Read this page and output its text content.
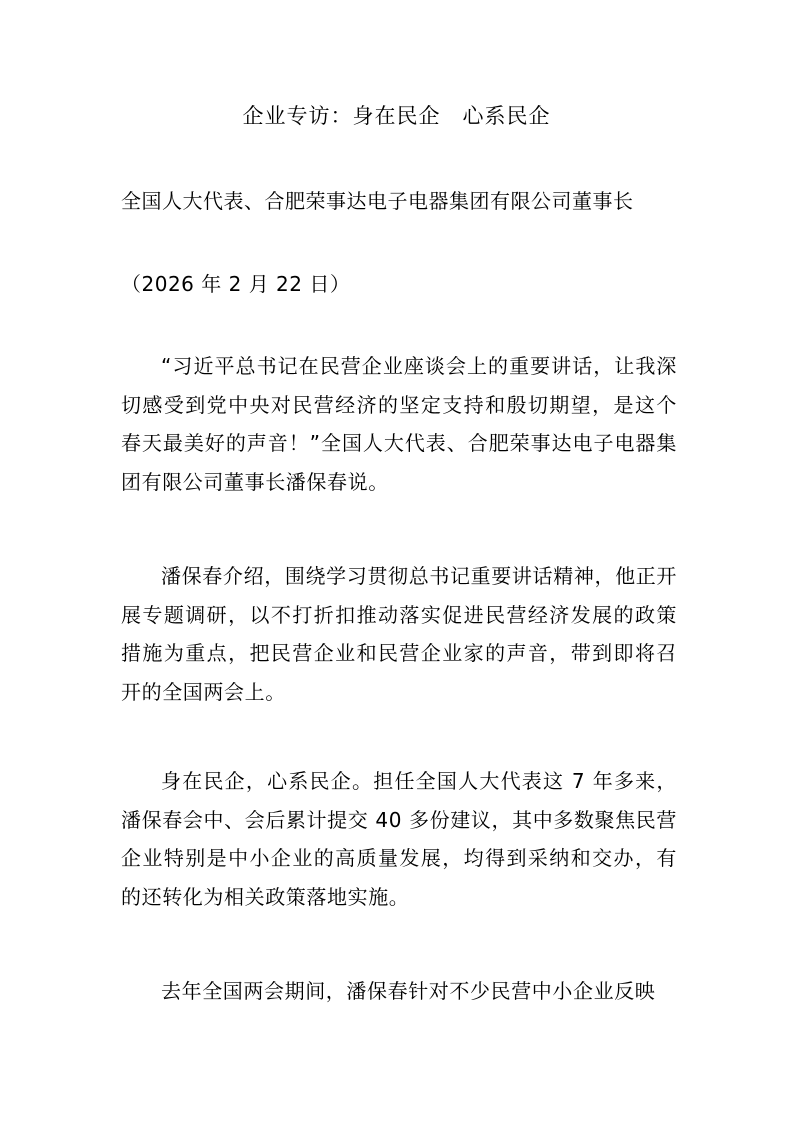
企业专访：身在民企　心系民企

全国人大代表、合肥荣事达电子电器集团有限公司董事长

（2026 年 2 月 22 日）

“习近平总书记在民营企业座谈会上的重要讲话，让我深切感受到党中央对民营经济的坚定支持和殷切期望，是这个春天最美好的声音！”全国人大代表、合肥荣事达电子电器集团有限公司董事长潘保春说。

潘保春介绍，围绕学习贯彻总书记重要讲话精神，他正开展专题调研，以不打折扣推动落实促进民营经济发展的政策措施为重点，把民营企业和民营企业家的声音，带到即将召开的全国两会上。

身在民企，心系民企。担任全国人大代表这 7 年多来，潘保春会中、会后累计提交 40 多份建议，其中多数聚焦民营企业特别是中小企业的高质量发展，均得到采纳和交办，有的还转化为相关政策落地实施。

去年全国两会期间，潘保春针对不少民营中小企业反映
